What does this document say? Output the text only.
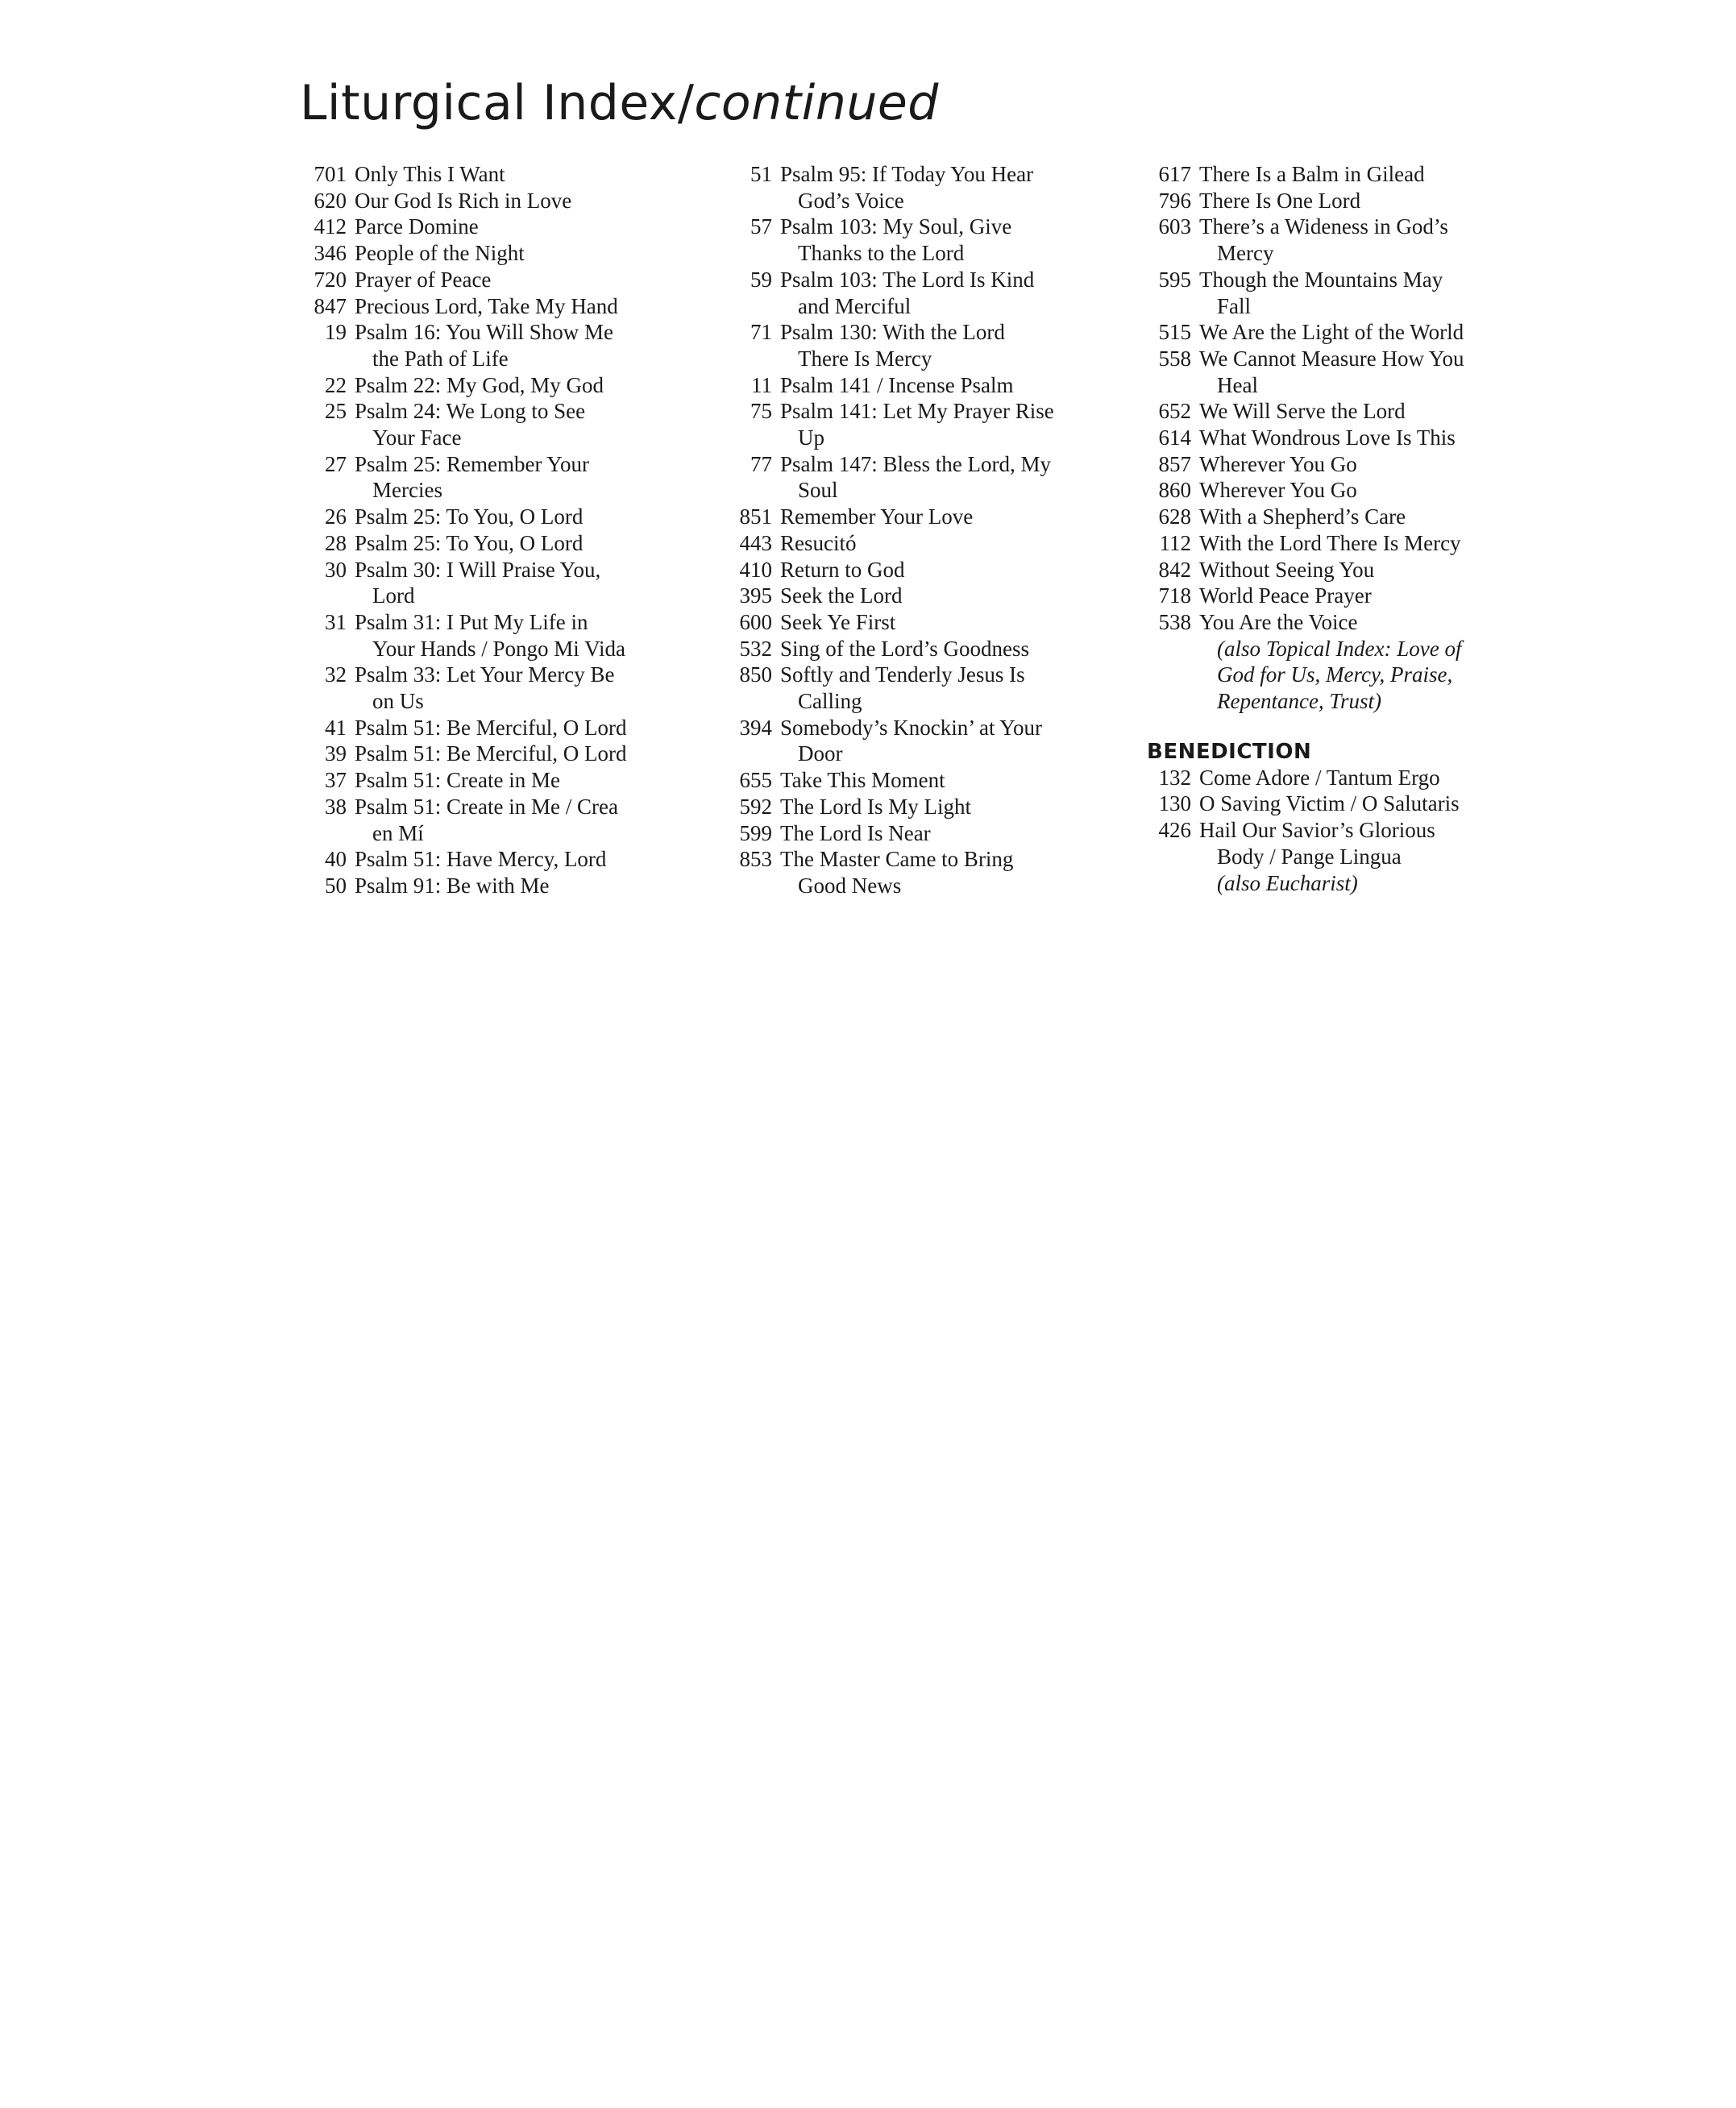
Liturgical Index/continued
701 Only This I Want
620 Our God Is Rich in Love
412 Parce Domine
346 People of the Night
720 Prayer of Peace
847 Precious Lord, Take My Hand
19 Psalm 16: You Will Show Me
the Path of Life
22 Psalm 22: My God, My God
25 Psalm 24: We Long to See
Your Face
27 Psalm 25: Remember Your
Mercies
26 Psalm 25: To You, O Lord
28 Psalm 25: To You, O Lord
30 Psalm 30: I Will Praise You,
Lord
31 Psalm 31: I Put My Life in
Your Hands / Pongo Mi Vida
32 Psalm 33: Let Your Mercy Be
on Us
41 Psalm 51: Be Merciful, O Lord
39 Psalm 51: Be Merciful, O Lord
37 Psalm 51: Create in Me
38 Psalm 51: Create in Me / Crea
en Mí
40 Psalm 51: Have Mercy, Lord
50 Psalm 91: Be with Me
51 Psalm 95: If Today You Hear
God’s Voice
57 Psalm 103: My Soul, Give
Thanks to the Lord
59 Psalm 103: The Lord Is Kind
and Merciful
71 Psalm 130: With the Lord
There Is Mercy
11 Psalm 141 / Incense Psalm
75 Psalm 141: Let My Prayer Rise
Up
77 Psalm 147: Bless the Lord, My
Soul
851 Remember Your Love
443 Resucitó
410 Return to God
395 Seek the Lord
600 Seek Ye First
532 Sing of the Lord’s Goodness
850 Softly and Tenderly Jesus Is
Calling
394 Somebody’s Knockin’ at Your
Door
655 Take This Moment
592 The Lord Is My Light
599 The Lord Is Near
853 The Master Came to Bring
Good News
617 There Is a Balm in Gilead
796 There Is One Lord
603 There’s a Wideness in God’s
Mercy
595 Though the Mountains May
Fall
515 We Are the Light of the World
558 We Cannot Measure How You
Heal
652 We Will Serve the Lord
614 What Wondrous Love Is This
857 Wherever You Go
860 Wherever You Go
628 With a Shepherd’s Care
112 With the Lord There Is Mercy
842 Without Seeing You
718 World Peace Prayer
538 You Are the Voice
(also Topical Index: Love of
God for Us, Mercy, Praise,
Repentance, Trust)
BENEDICTION
132 Come Adore / Tantum Ergo
130 O Saving Victim / O Salutaris
426 Hail Our Savior’s Glorious
Body / Pange Lingua
(also Eucharist)
